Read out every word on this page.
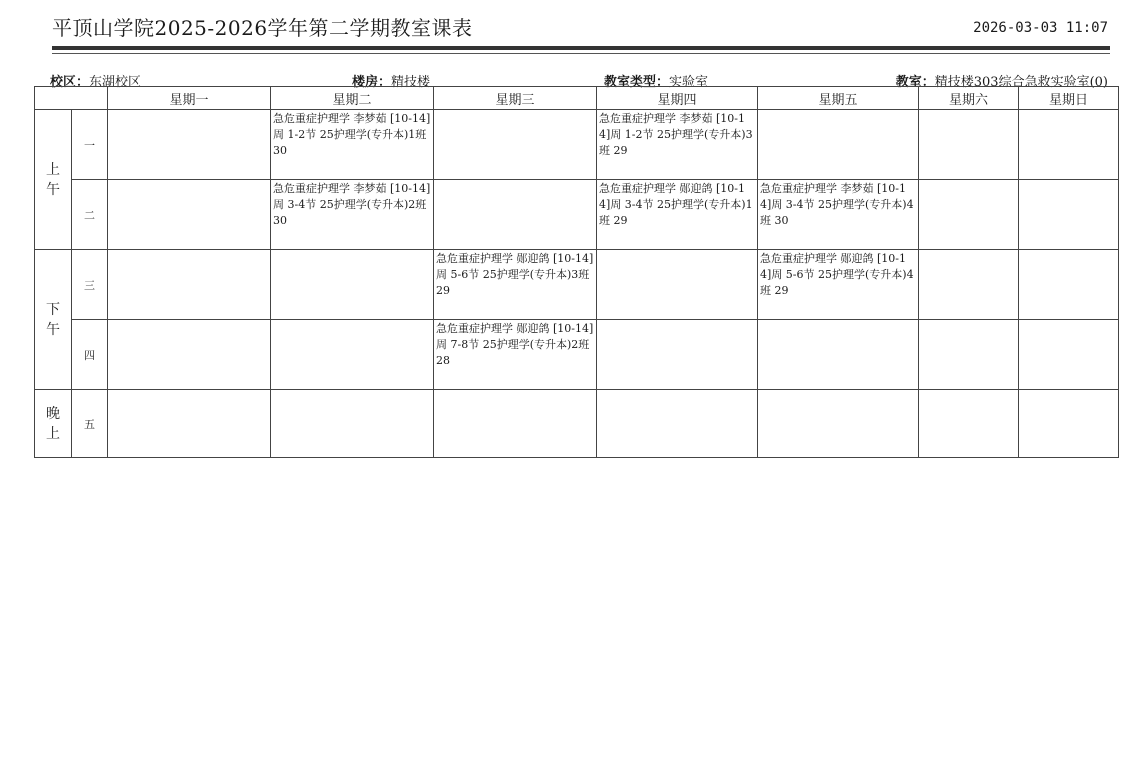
平顶山学院2025-2026学年第二学期教室课表	2026-03-03 11:07
校区：东湖校区	楼房：精技楼	教室类型：实验室	教室：精技楼303综合急救实验室(0)
		星期一	星期二	星期三	星期四	星期五	星期六	星期日
上午	一		急危重症护理学 李梦茹 [10-14]周 1-2节 25护理学(专升本)1班 30		急危重症护理学 李梦茹 [10-14]周 1-2节 25护理学(专升本)3班 29			

	二		急危重症护理学 李梦茹 [10-14]周 3-4节 25护理学(专升本)2班 30		急危重症护理学 郧迎鸽 [10-14]周 3-4节 25护理学(专升本)1班 29	急危重症护理学 李梦茹 [10-14]周 3-4节 25护理学(专升本)4班 30		

下午	三			急危重症护理学 郧迎鸽 [10-14]周 5-6节 25护理学(专升本)3班 29		急危重症护理学 郧迎鸽 [10-14]周 5-6节 25护理学(专升本)4班 29		

	四			急危重症护理学 郧迎鸽 [10-14]周 7-8节 25护理学(专升本)2班 28				

晚上	五	
